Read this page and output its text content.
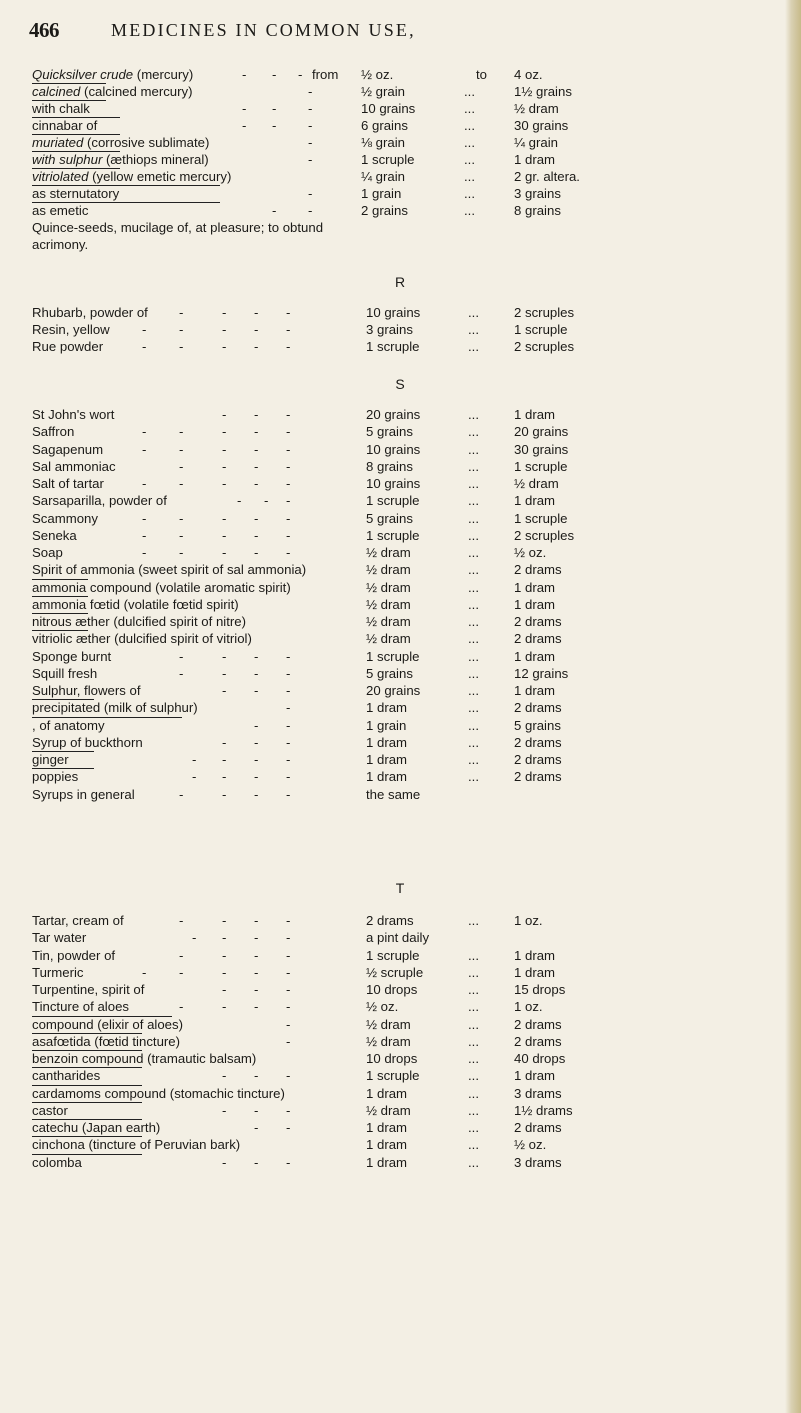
466	MEDICINES IN COMMON USE,
Quicksilver crude (mercury)	- - - from ½ oz.	to 4 oz.
calcined (calcined mercury)	-	½ grain	...	1½ grains
with chalk	- - -	10 grains	...	½ dram
cinnabar of	- - -	6 grains	...	30 grains
muriated (corrosive sublimate)	-	⅛ grain	...	¼ grain
with sulphur (æthiops mineral)	-	1 scruple	...	1 dram
vitriolated (yellow emetic mercury)	¼ grain	...	2 gr. altera.
as sternutatory	-	1 grain	...	3 grains
as emetic	- -	2 grains	...	8 grains
Quince-seeds, mucilage of, at pleasure; to obtund
acrimony.
R
Rhubarb, powder of -	- - -	10 grains	...	2 scruples
Resin, yellow - -	- - -	3 grains	...	1 scruple
Rue powder	- -	- - -	1 scruple	...	2 scruples
S
St John's wort	- - -	20 grains	...	1 dram
Saffron	- -	- - -	5 grains	...	20 grains
Sagapenum	- -	- - -	10 grains	...	30 grains
Sal ammoniac	-	- - -	8 grains	...	1 scruple
Salt of tartar	- -	- - -	10 grains	...	½ dram
Sarsaparilla, powder of	- - -	1 scruple	...	1 dram
Scammony	- -	- - -	5 grains	...	1 scruple
Seneka	- -	- - -	1 scruple	...	2 scruples
Soap	- -	- - -	½ dram	...	½ oz.
Spirit of ammonia (sweet spirit of sal ammonia)	½ dram	...	2 drams
ammonia compound (volatile aromatic spirit)	½ dram	...	1 dram
ammonia fœtid (volatile fœtid spirit)	½ dram	...	1 dram
nitrous æther (dulcified spirit of nitre)	½ dram	...	2 drams
vitriolic æther (dulcified spirit of vitriol)	½ dram	...	2 drams
Sponge burnt	-	- - -	1 scruple	...	1 dram
Squill fresh	-	- - -	5 grains	...	12 grains
Sulphur, flowers of	- - -	20 grains	...	1 dram
precipitated (milk of sulphur)	-	1 dram	...	2 drams
, of anatomy	- -	1 grain	...	5 grains
Syrup of buckthorn	- - -	1 dram	...	2 drams
ginger	- - - -	1 dram	...	2 drams
poppies	- - - -	1 dram	...	2 drams
Syrups in general	-	- - -	the same
T
Tartar, cream of	-	- - -	2 drams	...	1 oz.
Tar water	- - - -	a pint daily
Tin, powder of	-	- - -	1 scruple	...	1 dram
Turmeric	- -	- - -	½ scruple	...	1 dram
Turpentine, spirit of	- - -	10 drops	...	15 drops
Tincture of aloes	-	- - -	½ oz.	...	1 oz.
compound (elixir of aloes)	-	½ dram	...	2 drams
asafœtida (fœtid tincture)	-	½ dram	...	2 drams
benzoin compound (tramautic balsam)	10 drops	...	40 drops
cantharides	- - -	1 scruple	...	1 dram
cardamoms compound (stomachic tincture)	1 dram	...	3 drams
castor	- - -	½ dram	...	1½ drams
catechu (Japan earth)	- -	1 dram	...	2 drams
cinchona (tincture of Peruvian bark)	1 dram	...	½ oz.
colomba	- - -	1 dram	...	3 drams
